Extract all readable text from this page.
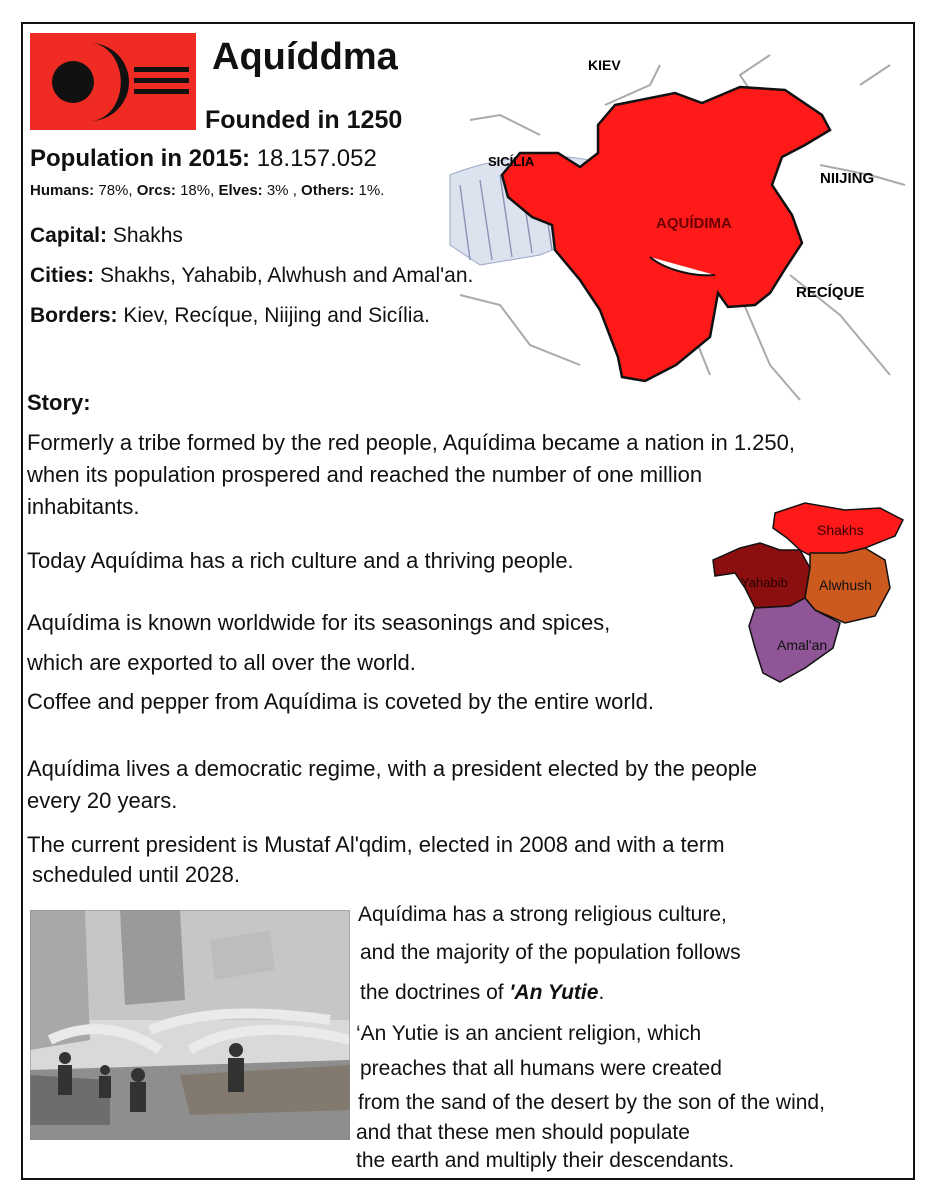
Aquíddma
Founded in 1250
Population in 2015: 18.157.052
Humans: 78%, Orcs: 18%, Elves: 3% , Others: 1%.
Capital: Shakhs
Cities: Shakhs, Yahabib, Alwhush and Amal'an.
Borders: Kiev, Recíque, Niijing and Sicília.
SICÍLIA
KIEV
NIIJING
RECÍQUE
AQUÍDIMA
Story:
Formerly a tribe formed by the red people, Aquídima became a nation in 1.250,
when its population prospered and reached the number of one million
inhabitants.
Today Aquídima has a rich culture and a thriving people.
Aquídima is known worldwide for its seasonings and spices,
which are exported to all over the world.
Coffee and pepper from Aquídima is coveted by the entire world.
Aquídima lives a democratic regime, with a president elected by the people
every 20 years.
The current president is Mustaf Al'qdim, elected in 2008 and with a term
scheduled until 2028.
Shakhs
Yahabib Alwhush
Amal'an
Aquídima has a strong religious culture,
and the majority of the population follows
the doctrines of 'An Yutie.
‘An Yutie is an ancient religion, which
preaches that all humans were created
from the sand of the desert by the son of the wind,
and that these men should populate
the earth and multiply their descendants.
